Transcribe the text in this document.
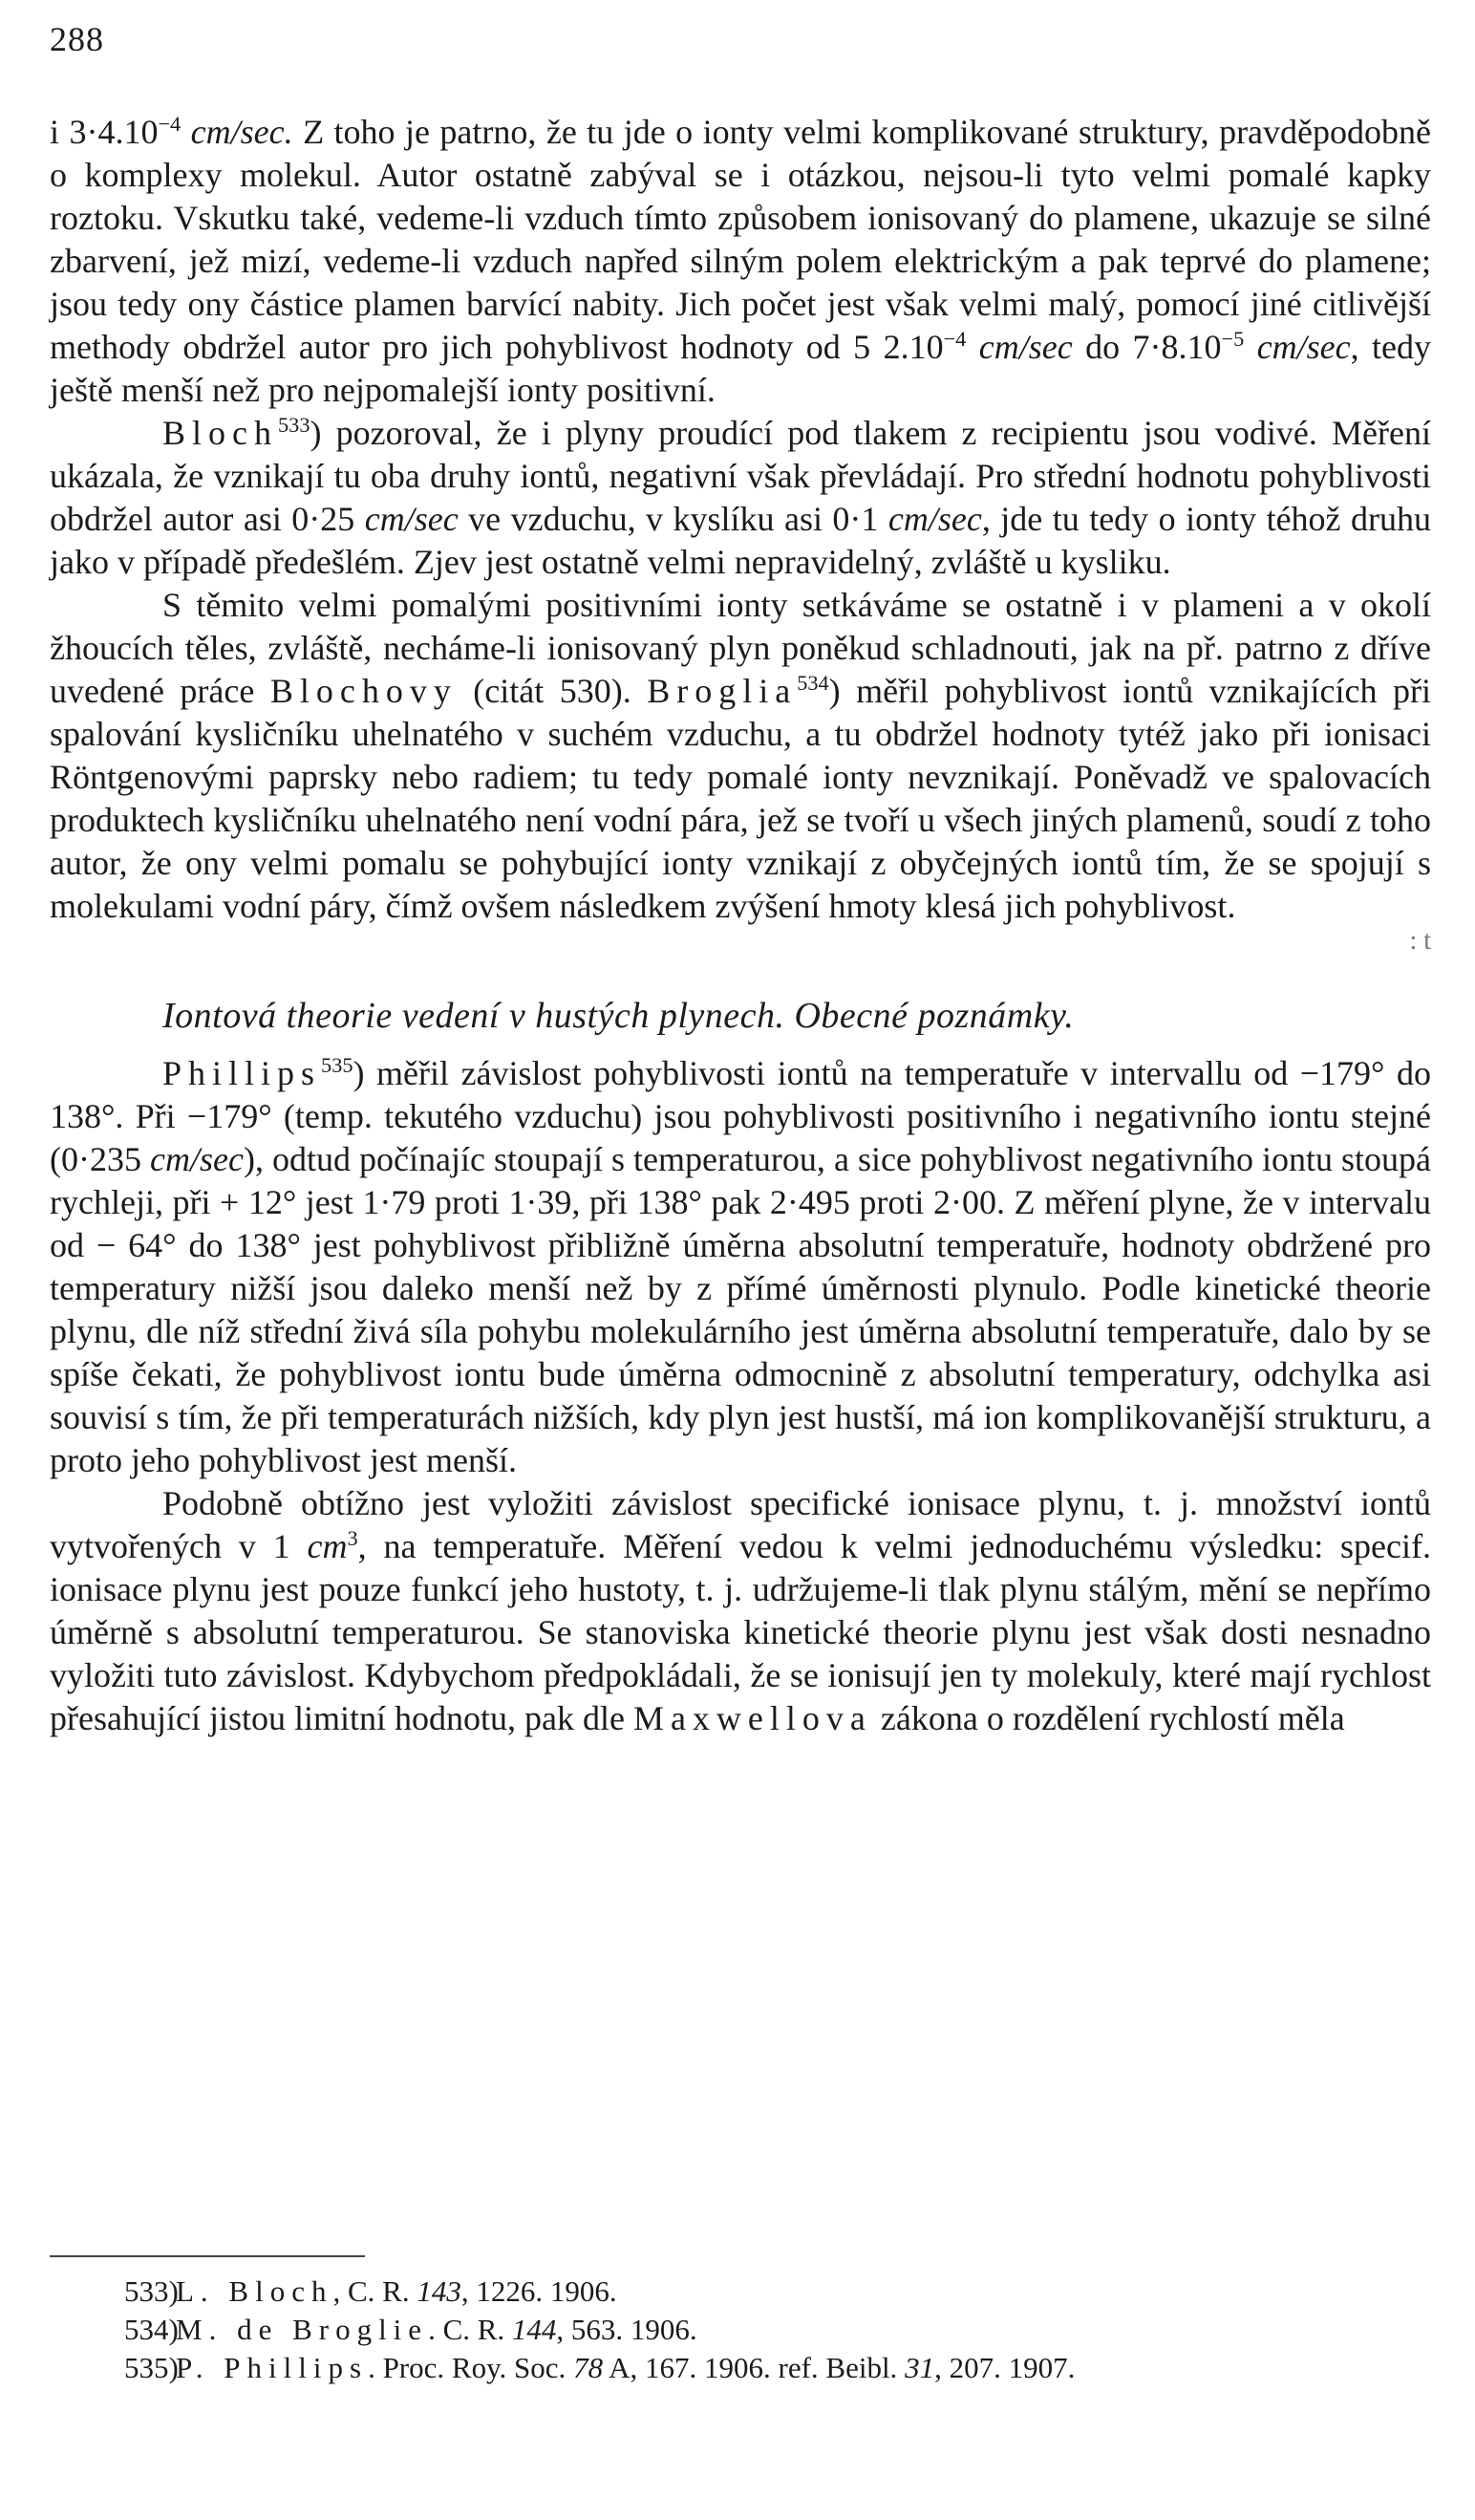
288

i $3\cdot 4.10^{-4}$ cm/sec. Z toho je patrno, že tu jde o ionty velmi komplikované struktury, pravděpodobně o komplexy molekul. Autor ostatně zabýval se i otázkou, nejsou-li tyto velmi pomalé kapky roztoku. Vskutku také, vedeme-li vzduch tímto způsobem ionisovaný do plamene, ukazuje se silné zbarvení, jež mizí, vedeme-li vzduch napřed silným polem elektrickým a pak teprvé do plamene; jsou tedy ony částice plamen barvící nabity. Jich počet jest však velmi malý, pomocí jiné citlivější methody obdržel autor pro jich pohyblivost hodnoty od 5 $2.10^{-4}$ cm/sec do $7\cdot 8.10^{-5}$ cm/sec, tedy ještě menší než pro nejpomalejší ionty positivní.

Bloch$^{533}$) pozoroval, že i plyny proudící pod tlakem z recipientu jsou vodivé. Měření ukázala, že vznikají tu oba druhy iontů, negativní však převládají. Pro střední hodnotu pohyblivosti obdržel autor asi 0·25 cm/sec ve vzduchu, v kyslíku asi 0·1 cm/sec, jde tu tedy o ionty téhož druhu jako v případě předešlém. Zjev jest ostatně velmi nepravidelný, zvláště u kysliku.

S těmito velmi pomalými positivními ionty setkáváme se ostatně i v plameni a v okolí žhoucích těles, zvláště, necháme-li ionisovaný plyn poněkud schladnouti, jak na př. patrno z dříve uvedené práce Blochovy (citát 530). Broglia$^{534}$) měřil pohyblivost iontů vznikajících při spalování kysličníku uhelnatého v suchém vzduchu, a tu obdržel hodnoty tytéž jako při ionisaci Röntgenovými paprsky nebo radiem; tu tedy pomalé ionty nevznikají. Poněvadž ve spalovacích produktech kysličníku uhelnatého není vodní pára, jež se tvoří u všech jiných plamenů, soudí z toho autor, že ony velmi pomalu se pohybující ionty vznikají z obyčejných iontů tím, že se spojují s molekulami vodní páry, čímž ovšem následkem zvýšení hmoty klesá jich pohyblivost.

: t

Iontová theorie vedení v hustých plynech. Obecné poznámky.

Phillips$^{535}$) měřil závislost pohyblivosti iontů na temperatuře v intervallu od −179° do 138°. Při −179° (temp. tekutého vzduchu) jsou pohyblivosti positivního i negativního iontu stejné (0·235 cm/sec), odtud počínajíc stoupají s temperaturou, a sice pohyblivost negativního iontu stoupá rychleji, při + 12° jest 1·79 proti 1·39, při 138° pak 2·495 proti 2·00. Z měření plyne, že v intervalu od − 64° do 138° jest pohyblivost přibližně úměrna absolutní temperatuře, hodnoty obdržené pro temperatury nižší jsou daleko menší než by z přímé úměrnosti plynulo. Podle kinetické theorie plynu, dle níž střední živá síla pohybu molekulárního jest úměrna absolutní temperatuře, dalo by se spíše čekati, že pohyblivost iontu bude úměrna odmocnině z absolutní temperatury, odchylka asi souvisí s tím, že při temperaturách nižších, kdy plyn jest hustší, má ion komplikovanější strukturu, a proto jeho pohyblivost jest menší.

Podobně obtížno jest vyložiti závislost specifické ionisace plynu, t. j. množství iontů vytvořených v 1 $cm^3$, na temperatuře. Měření vedou k velmi jednoduchému výsledku: specif. ionisace plynu jest pouze funkcí jeho hustoty, t. j. udržujeme-li tlak plynu stálým, mění se nepřímo úměrně s absolutní temperaturou. Se stanoviska kinetické theorie plynu jest však dosti nesnadno vyložiti tuto závislost. Kdybychom předpokládali, že se ionisují jen ty molekuly, které mají rychlost přesahující jistou limitní hodnotu, pak dle Maxwellova zákona o rozdělení rychlostí měla

533)L. Bloch, C. R. 143, 1226. 1906.

534)M. de Broglie. C. R. 144, 563. 1906.

535)P. Phillips. Proc. Roy. Soc. 78 A, 167. 1906. ref. Beibl. 31, 207. 1907.
